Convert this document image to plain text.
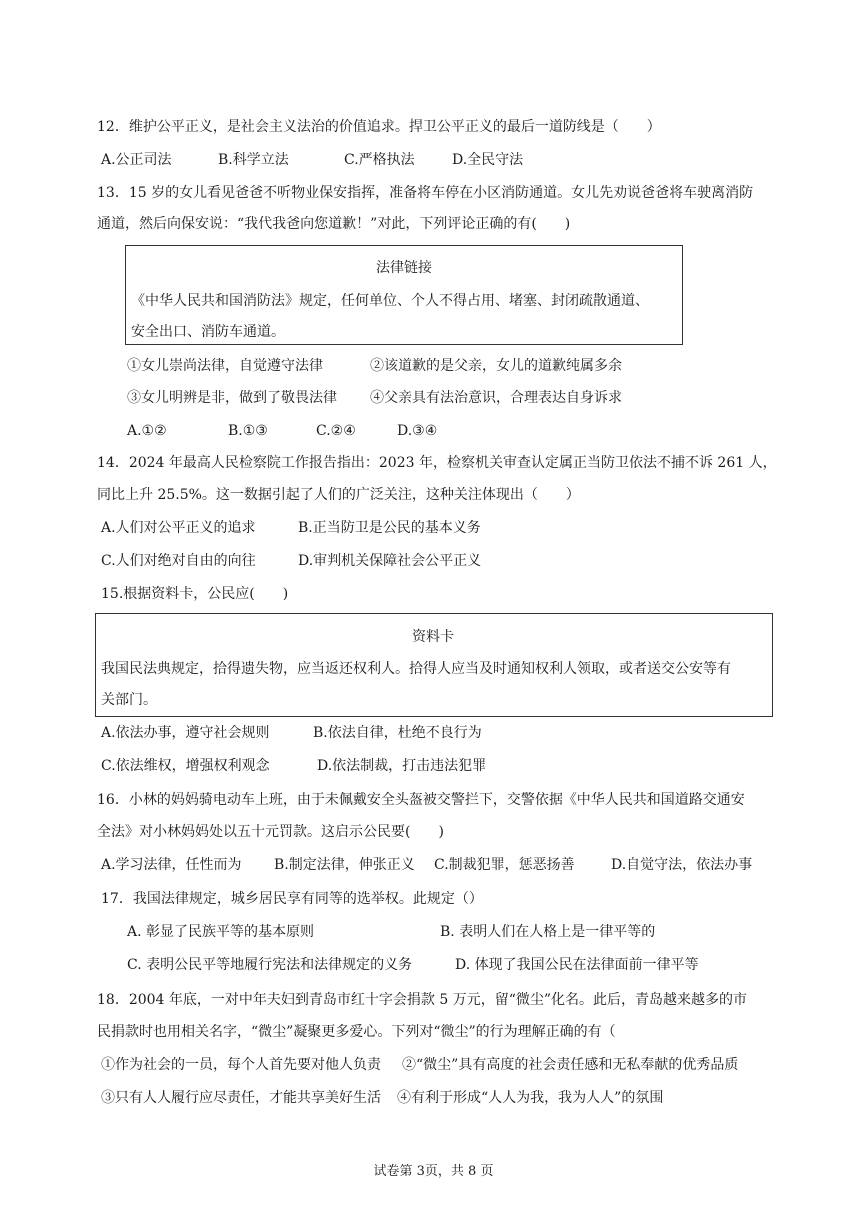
12．维护公平正义，是社会主义法治的价值追求。捍卫公平正义的最后一道防线是（　　）
A.公正司法	B.科学立法	C.严格执法	D.全民守法
13．15 岁的女儿看见爸爸不听物业保安指挥，准备将车停在小区消防通道。女儿先劝说爸爸将车驶离消防
通道，然后向保安说：“我代我爸向您道歉！”对此，下列评论正确的有(　　)
法律链接
《中华人民共和国消防法》规定，任何单位、个人不得占用、堵塞、封闭疏散通道、
安全出口、消防车通道。
①女儿崇尚法律，自觉遵守法律	②该道歉的是父亲，女儿的道歉纯属多余
③女儿明辨是非，做到了敬畏法律 ④父亲具有法治意识，合理表达自身诉求
A.①②	B.①③	C.②④	D.③④
14．2024 年最高人民检察院工作报告指出：2023 年，检察机关审查认定属正当防卫依法不捕不诉 261 人，
同比上升 25.5%。这一数据引起了人们的广泛关注，这种关注体现出（　　）
A.人们对公平正义的追求	B.正当防卫是公民的基本义务
C.人们对绝对自由的向往	D.审判机关保障社会公平正义
15.根据资料卡，公民应(　　)
资料卡
我国民法典规定，拾得遗失物，应当返还权利人。拾得人应当及时通知权利人领取，或者送交公安等有
关部门。
A.依法办事，遵守社会规则	B.依法自律，杜绝不良行为
C.依法维权，增强权利观念	D.依法制裁，打击违法犯罪
16．小林的妈妈骑电动车上班，由于未佩戴安全头盔被交警拦下，交警依据《中华人民共和国道路交通安
全法》对小林妈妈处以五十元罚款。这启示公民要(　　)
A.学习法律，任性而为 B.制定法律，伸张正义 C.制裁犯罪，惩恶扬善	D.自觉守法，依法办事
17．我国法律规定，城乡居民享有同等的选举权。此规定（）
A. 彰显了民族平等的基本原则	B. 表明人们在人格上是一律平等的
C. 表明公民平等地履行宪法和法律规定的义务	D. 体现了我国公民在法律面前一律平等
18．2004 年底，一对中年夫妇到青岛市红十字会捐款 5 万元，留“微尘”化名。此后，青岛越来越多的市
民捐款时也用相关名字，“微尘”凝聚更多爱心。下列对“微尘”的行为理解正确的有（
①作为社会的一员，每个人首先要对他人负责 ②“微尘”具有高度的社会责任感和无私奉献的优秀品质
③只有人人履行应尽责任，才能共享美好生活 ④有利于形成“人人为我，我为人人”的氛围
试卷第 3页，共 8 页
